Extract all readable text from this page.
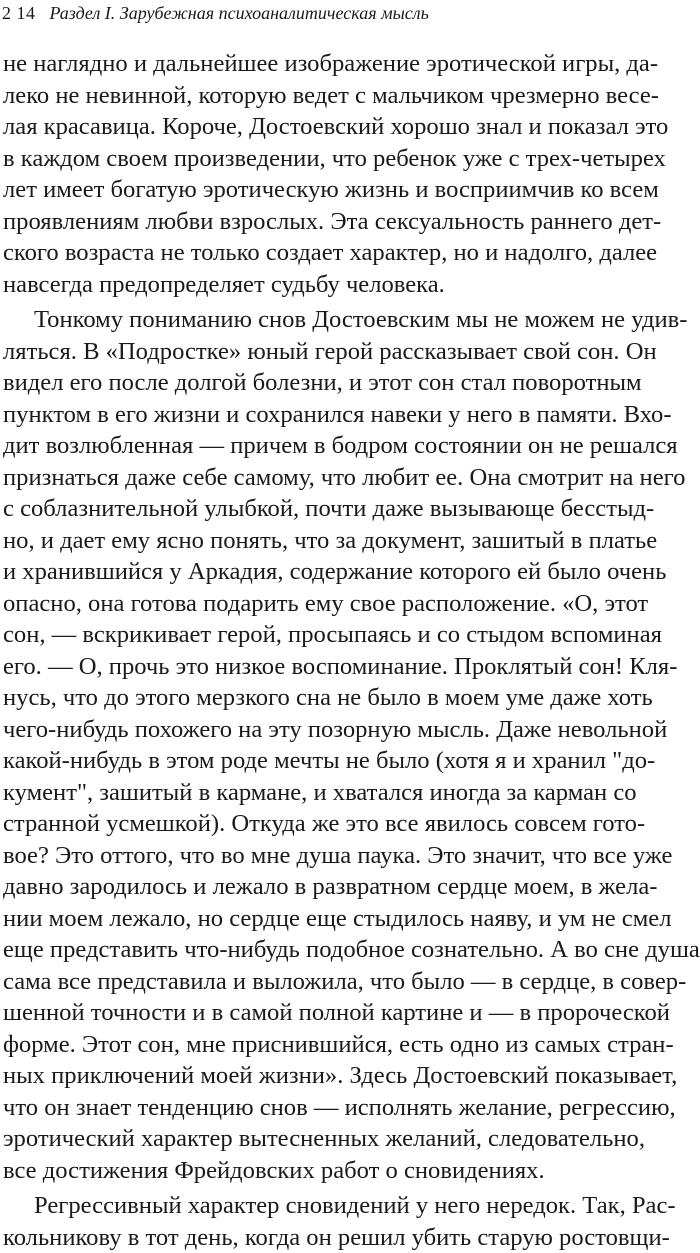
2 14 Раздел I. Зарубежная психоаналитическая мысль
не наглядно и дальнейшее изображение эротической игры, да-
леко не невинной, которую ведет с мальчиком чрезмерно весе-
лая красавица. Короче, Достоевский хорошо знал и показал это
в каждом своем произведении, что ребенок уже с трех-четырех
лет имеет богатую эротическую жизнь и восприимчив ко всем
проявлениям любви взрослых. Эта сексуальность раннего дет-
ского возраста не только создает характер, но и надолго, далее
навсегда предопределяет судьбу человека.
Тонкому пониманию снов Достоевским мы не можем не удив-
ляться. В «Подростке» юный герой рассказывает свой сон. Он
видел его после долгой болезни, и этот сон стал поворотным
пунктом в его жизни и сохранился навеки у него в памяти. Вхо-
дит возлюбленная — причем в бодром состоянии он не решался
признаться даже себе самому, что любит ее. Она смотрит на него
с соблазнительной улыбкой, почти даже вызывающе бесстыд-
но, и дает ему ясно понять, что за документ, зашитый в платье
и хранившийся у Аркадия, содержание которого ей было очень
опасно, она готова подарить ему свое расположение. «О, этот
сон, — вскрикивает герой, просыпаясь и со стыдом вспоминая
его. — О, прочь это низкое воспоминание. Проклятый сон! Кля-
нусь, что до этого мерзкого сна не было в моем уме даже хоть
чего-нибудь похожего на эту позорную мысль. Даже невольной
какой-нибудь в этом роде мечты не было (хотя я и хранил "до-
кумент", зашитый в кармане, и хватался иногда за карман со
странной усмешкой). Откуда же это все явилось совсем гото-
вое? Это оттого, что во мне душа паука. Это значит, что все уже
давно зародилось и лежало в развратном сердце моем, в жела-
нии моем лежало, но сердце еще стыдилось наяву, и ум не смел
еще представить что-нибудь подобное сознательно. А во сне душа
сама все представила и выложила, что было — в сердце, в совер-
шенной точности и в самой полной картине и — в пророческой
форме. Этот сон, мне приснившийся, есть одно из самых стран-
ных приключений моей жизни». Здесь Достоевский показывает,
что он знает тенденцию снов — исполнять желание, регрессию,
эротический характер вытесненных желаний, следовательно,
все достижения Фрейдовских работ о сновидениях.
Регрессивный характер сновидений у него нередок. Так, Рас-
кольникову в тот день, когда он решил убить старую ростовщи-
